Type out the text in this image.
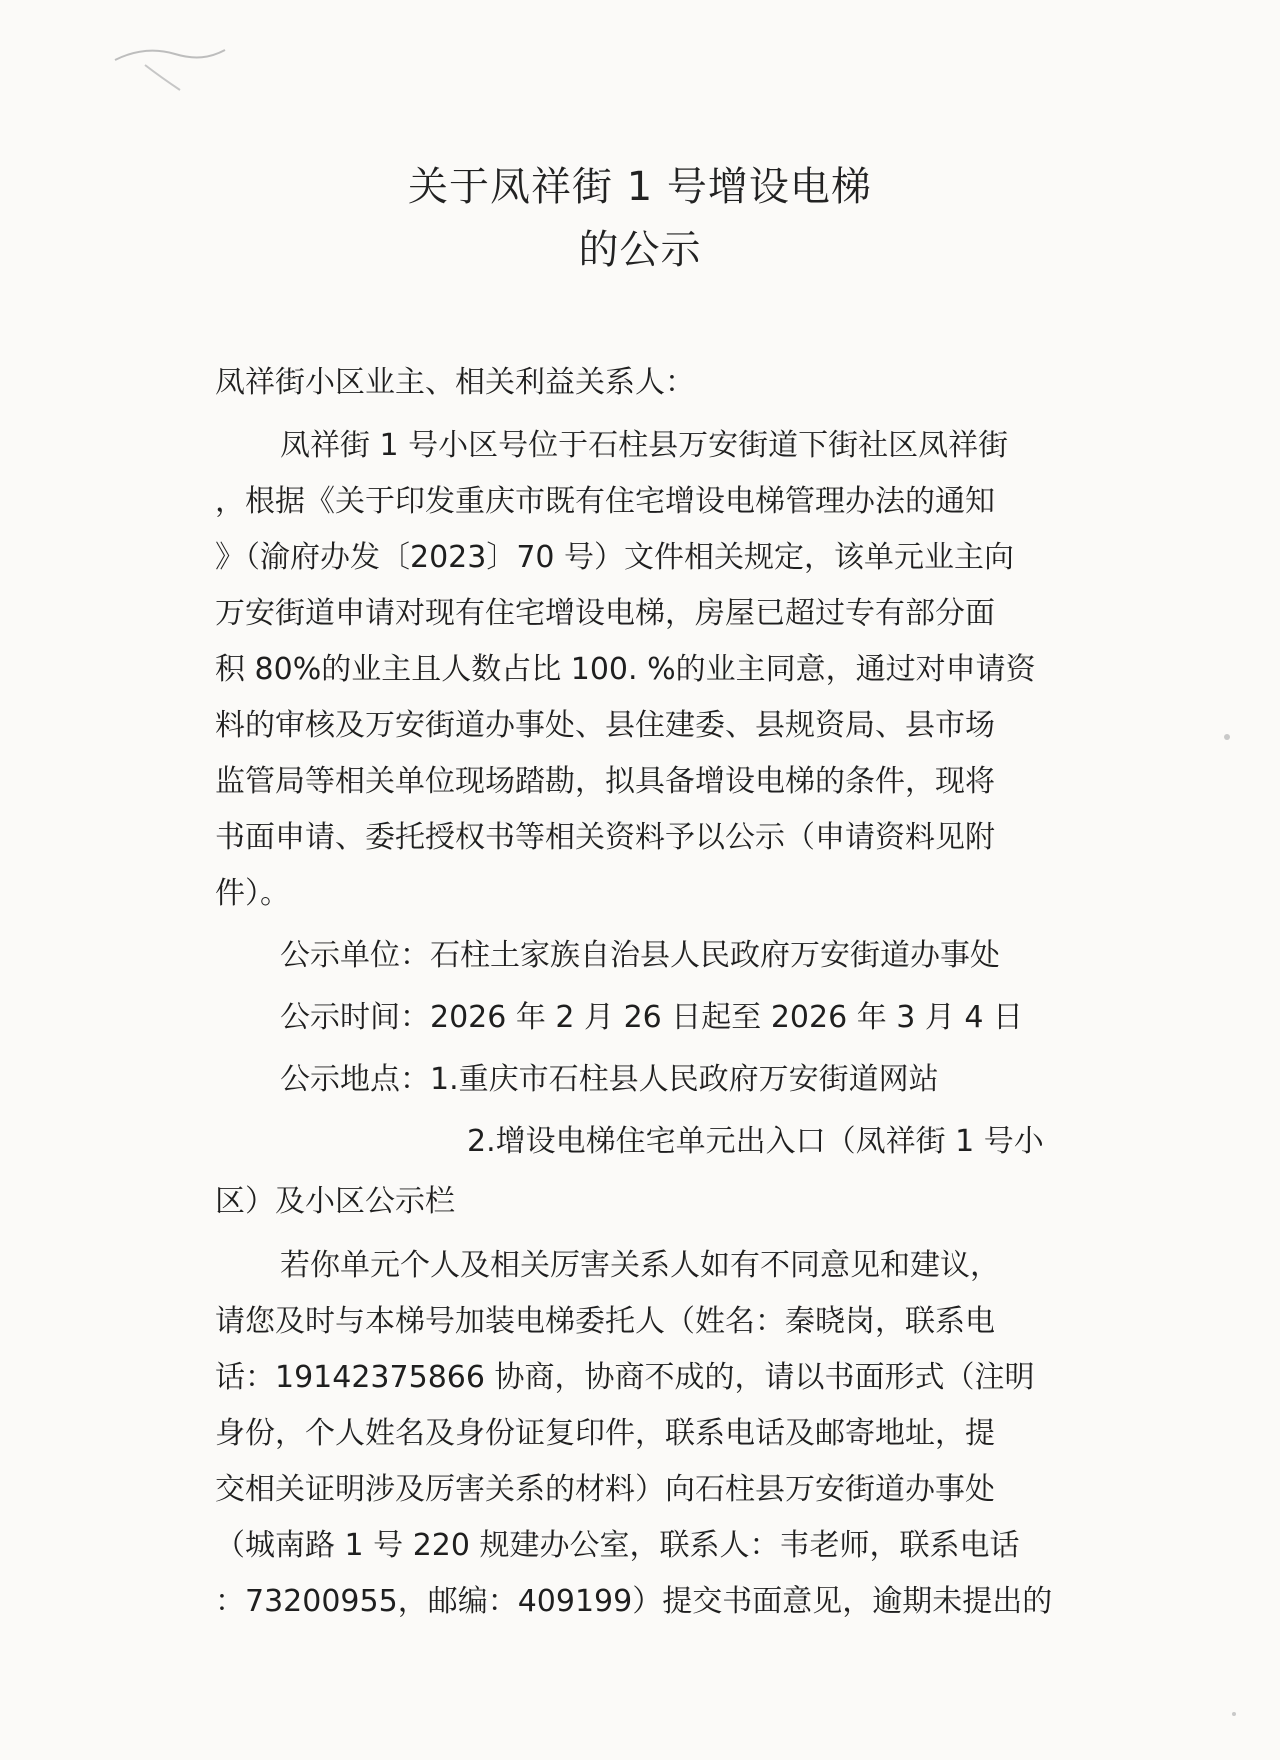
关于凤祥街 1 号增设电梯
的公示
凤祥街小区业主、相关利益关系人：
凤祥街 1 号小区号位于石柱县万安街道下街社区凤祥街
，根据《关于印发重庆市既有住宅增设电梯管理办法的通知
》（渝府办发〔2023〕70 号）文件相关规定，该单元业主向
万安街道申请对现有住宅增设电梯，房屋已超过专有部分面
积 80%的业主且人数占比 100. %的业主同意，通过对申请资
料的审核及万安街道办事处、县住建委、县规资局、县市场
监管局等相关单位现场踏勘，拟具备增设电梯的条件，现将
书面申请、委托授权书等相关资料予以公示（申请资料见附
件）。
公示单位：石柱土家族自治县人民政府万安街道办事处
公示时间：2026 年 2 月 26 日起至 2026 年 3 月 4 日
公示地点：1.重庆市石柱县人民政府万安街道网站
2.增设电梯住宅单元出入口（凤祥街 1 号小
区）及小区公示栏
若你单元个人及相关厉害关系人如有不同意见和建议，
请您及时与本梯号加装电梯委托人（姓名：秦晓岗，联系电
话：19142375866 协商，协商不成的，请以书面形式（注明
身份，个人姓名及身份证复印件，联系电话及邮寄地址，提
交相关证明涉及厉害关系的材料）向石柱县万安街道办事处
（城南路 1 号 220 规建办公室，联系人：韦老师，联系电话
：73200955，邮编：409199）提交书面意见，逾期未提出的
